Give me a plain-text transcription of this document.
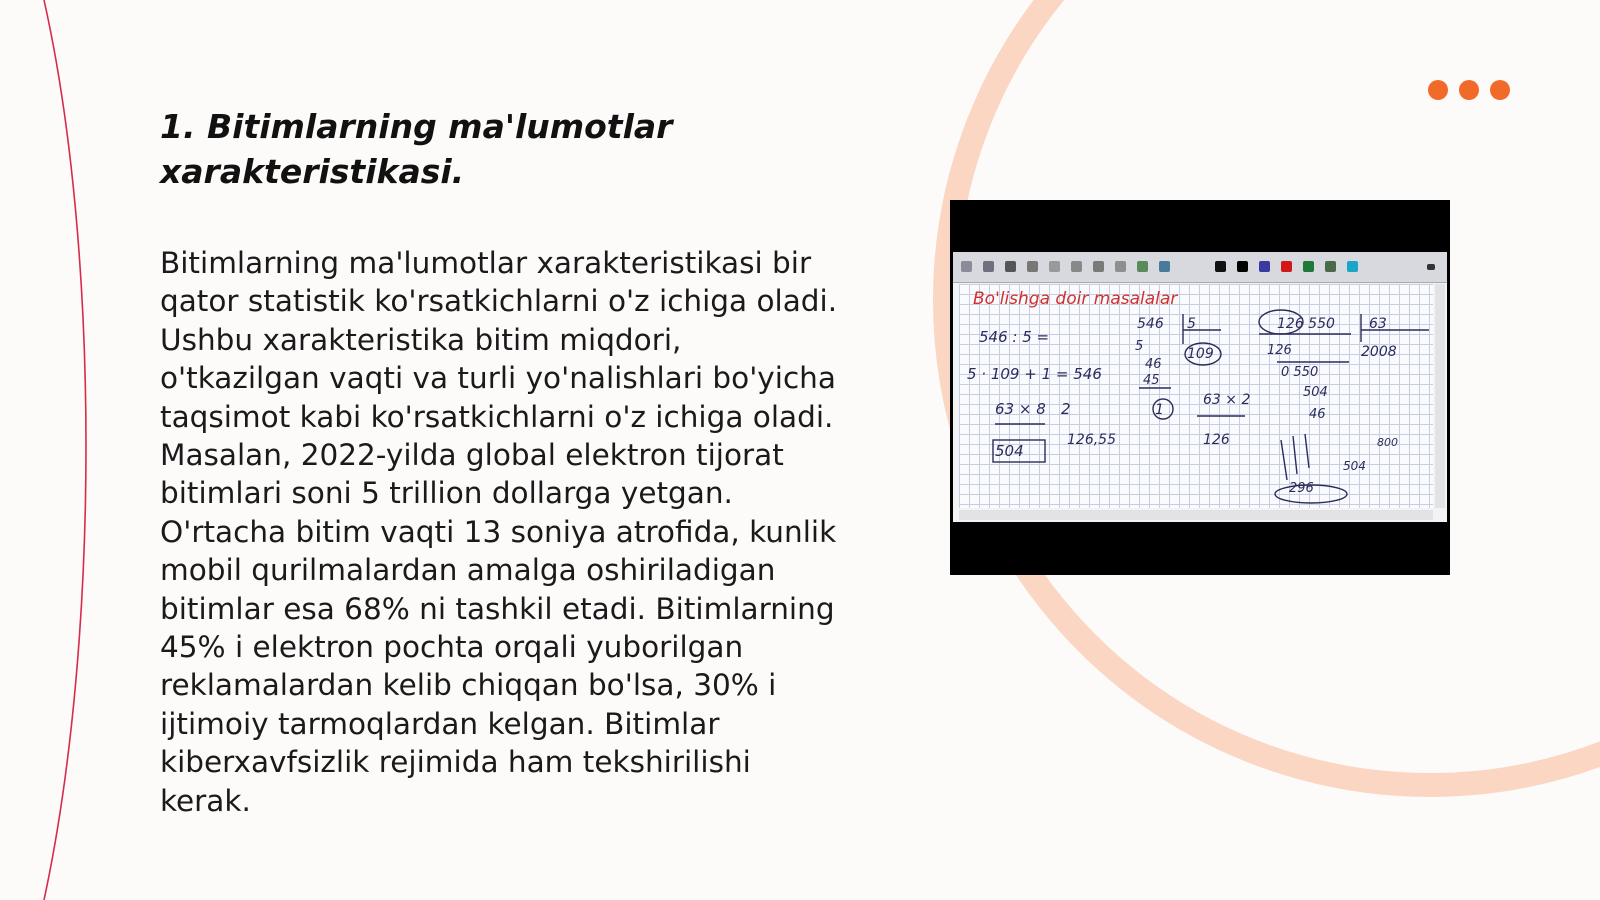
1. Bitimlarning ma'lumotlar xarakteristikasi.

Bitimlarning ma'lumotlar xarakteristikasi bir qator statistik ko'rsatkichlarni o'z ichiga oladi. Ushbu xarakteristika bitim miqdori, o'tkazilgan vaqti va turli yo'nalishlari bo'yicha taqsimot kabi ko'rsatkichlarni o'z ichiga oladi. Masalan, 2022-yilda global elektron tijorat bitimlari soni 5 trillion dollarga yetgan. O'rtacha bitim vaqti 13 soniya atrofida, kunlik mobil qurilmalardan amalga oshiriladigan bitimlar esa 68% ni tashkil etadi. Bitimlarning 45% i elektron pochta orqali yuborilgan reklamalardan kelib chiqqan bo'lsa, 30% i ijtimoiy tarmoqlardan kelgan. Bitimlar kiberxavfsizlik rejimida ham tekshirilishi kerak.

Bo'lishga doir masalalar
546 : 5 =
5 · 109 + 1 = 546
63 × 8
504
2
126,55
546 5
109
5
46
45
1
63 × 2
126
126 550 63
2008
126
0 550
504
46
800
504
296
